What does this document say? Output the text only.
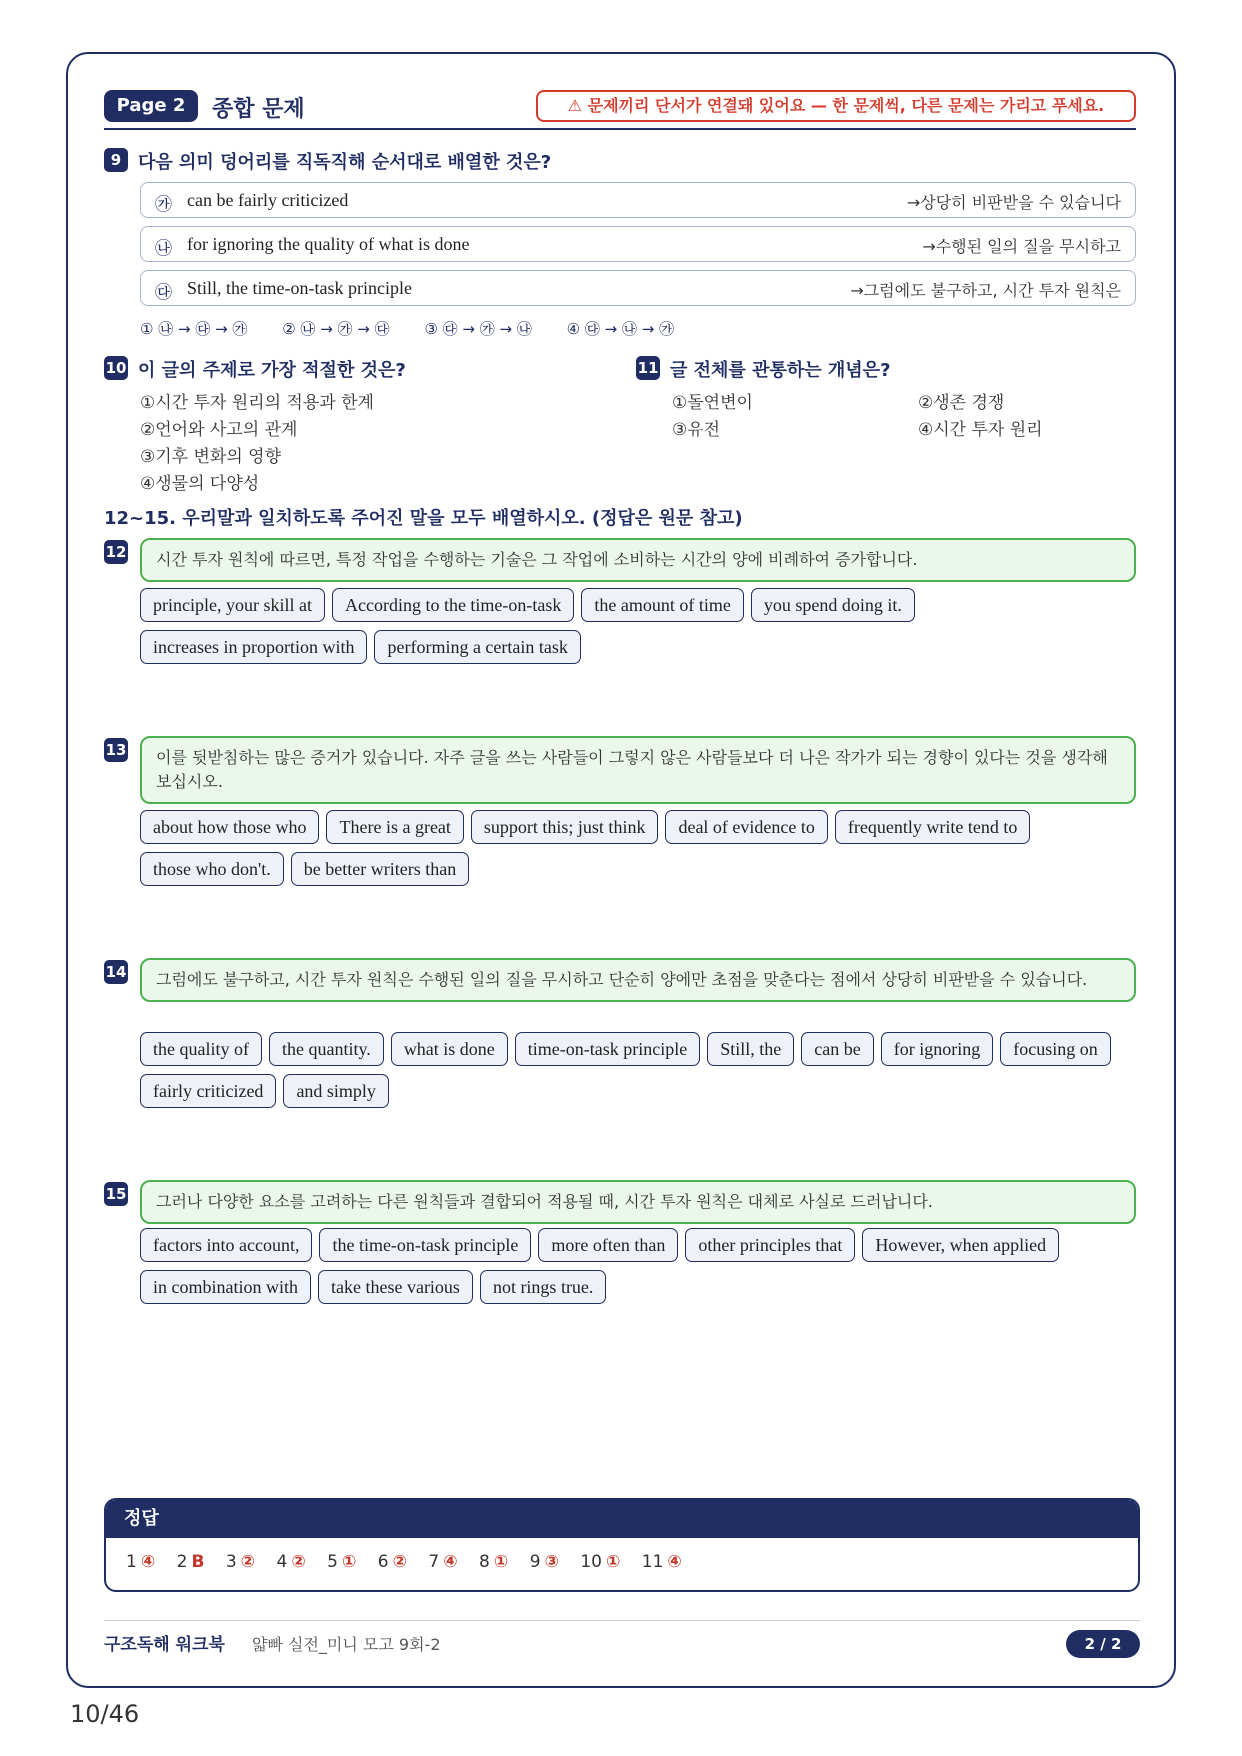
Page 2	종합 문제	⚠ 문제끼리 단서가 연결돼 있어요 — 한 문제씩, 다른 문제는 가리고 푸세요.
9 다음 의미 덩어리를 직독직해 순서대로 배열한 것은?
㉮ can be fairly criticized	→상당히 비판받을 수 있습니다
㉯ for ignoring the quality of what is done	→수행된 일의 질을 무시하고
㉰ Still, the time-on-task principle	→그럼에도 불구하고, 시간 투자 원칙은
① ㉯ → ㉰ → ㉮ ② ㉯ → ㉮ → ㉰ ③ ㉰ → ㉮ → ㉯ ④ ㉰ → ㉯ → ㉮
10 이 글의 주제로 가장 적절한 것은?
①시간 투자 원리의 적용과 한계
②언어와 사고의 관계
③기후 변화의 영향
④생물의 다양성
11 글 전체를 관통하는 개념은?
①돌연변이	②생존 경쟁
③유전	④시간 투자 원리
12~15. 우리말과 일치하도록 주어진 말을 모두 배열하시오. (정답은 원문 참고)
12	시간 투자 원칙에 따르면, 특정 작업을 수행하는 기술은 그 작업에 소비하는 시간의 양에 비례하여 증가합니다.
principle, your skill at	According to the time-on-task	the amount of time	you spend doing it.
increases in proportion with	performing a certain task
13	이를 뒷받침하는 많은 증거가 있습니다. 자주 글을 쓰는 사람들이 그렇지 않은 사람들보다 더 나은 작가가 되는 경향이 있다는 것을 생각해 보십시오.
about how those who	There is a great	support this; just think	deal of evidence to	frequently write tend to
those who don't.	be better writers than
14	그럼에도 불구하고, 시간 투자 원칙은 수행된 일의 질을 무시하고 단순히 양에만 초점을 맞춘다는 점에서 상당히 비판받을 수 있습니다.
the quality of	the quantity.	what is done	time-on-task principle	Still, the	can be	for ignoring	focusing on
fairly criticized	and simply
15	그러나 다양한 요소를 고려하는 다른 원칙들과 결합되어 적용될 때, 시간 투자 원칙은 대체로 사실로 드러납니다.
factors into account,	the time-on-task principle	more often than	other principles that	However, when applied
in combination with	take these various	not rings true.
정답
1 ④ 2 B 3 ② 4 ② 5 ① 6 ② 7 ④ 8 ① 9 ③ 10 ① 11 ④
구조독해 워크북 얇빠 실전_미니 모고 9회-2	2 / 2
10/46
